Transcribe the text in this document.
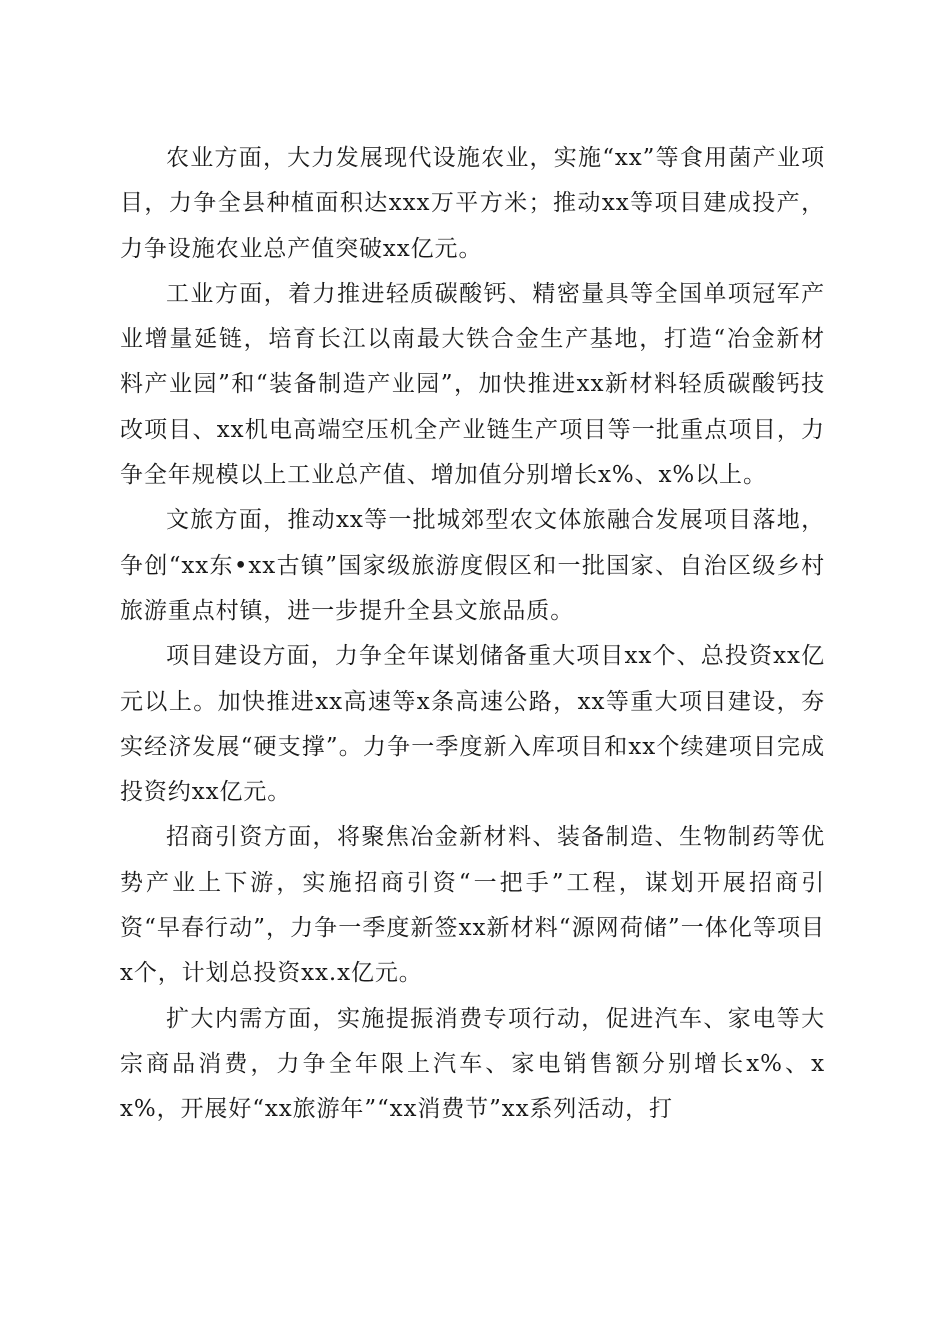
农业方面，大力发展现代设施农业，实施“xx”等食用菌产业项目，力争全县种植面积达xxx万平方米；推动xx等项目建成投产，力争设施农业总产值突破xx亿元。

工业方面，着力推进轻质碳酸钙、精密量具等全国单项冠军产业增量延链，培育长江以南最大铁合金生产基地，打造“冶金新材料产业园”和“装备制造产业园”，加快推进xx新材料轻质碳酸钙技改项目、xx机电高端空压机全产业链生产项目等一批重点项目，力争全年规模以上工业总产值、增加值分别增长x%、x%以上。

文旅方面，推动xx等一批城郊型农文体旅融合发展项目落地，争创“xx东•xx古镇”国家级旅游度假区和一批国家、自治区级乡村旅游重点村镇，进一步提升全县文旅品质。

项目建设方面，力争全年谋划储备重大项目xx个、总投资xx亿元以上。加快推进xx高速等x条高速公路，xx等重大项目建设，夯实经济发展“硬支撑”。力争一季度新入库项目和xx个续建项目完成投资约xx亿元。

招商引资方面，将聚焦冶金新材料、装备制造、生物制药等优势产业上下游，实施招商引资“一把手”工程，谋划开展招商引资“早春行动”，力争一季度新签xx新材料“源网荷储”一体化等项目x个，计划总投资xx.x亿元。

扩大内需方面，实施提振消费专项行动，促进汽车、家电等大宗商品消费，力争全年限上汽车、家电销售额分别增长x%、xx%，开展好“xx旅游年”“xx消费节”xx系列活动，打
